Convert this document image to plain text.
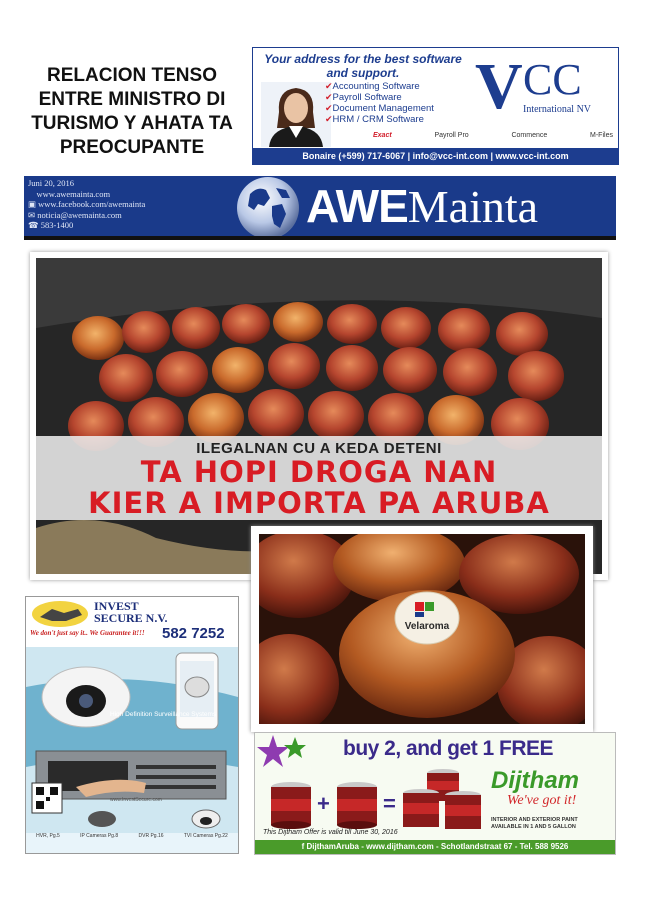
RELACION TENSO ENTRE MINISTRO DI TURISMO Y AHATA TA PREOCUPANTE
Your address for the best software and support.
✔ Accounting Software
✔ Payroll Software
✔ Document Management
✔ HRM / CRM Software V CC
International NV
Exact	Payroll Pro	Commence	M-Files
Bonaire (+599) 717-6067 | info@vcc-int.com | www.vcc-int.com
Juni 20, 2016
 www.awemainta.com
▣ www.facebook.com/awemainta
✉ noticia@awemainta.com
☎ 583-1400	AWEMainta
ILEGALNAN CU A KEDA DETENI
TA HOPI DROGA NAN
KIER A IMPORTA PA ARUBA
Velaroma
INVEST
SECURE N.V.
We don't just say it.. We Guarantee it!!! 582 7252
High Definition Surveillance Systems
www.InvestSecure.com
HVR, Pg.5	IP Cameras Pg.8	DVR Pg.16	TVI Cameras Pg.22
buy 2, and get 1 FREE
+ =
Dijtham
We've got it!
INTERIOR AND EXTERIOR PAINT
AVAILABLE IN 1 AND 5 GALLON
This Dijtham Offer is valid till June 30, 2016
f DijthamAruba - www.dijtham.com - Schotlandstraat 67 - Tel. 588 9526
